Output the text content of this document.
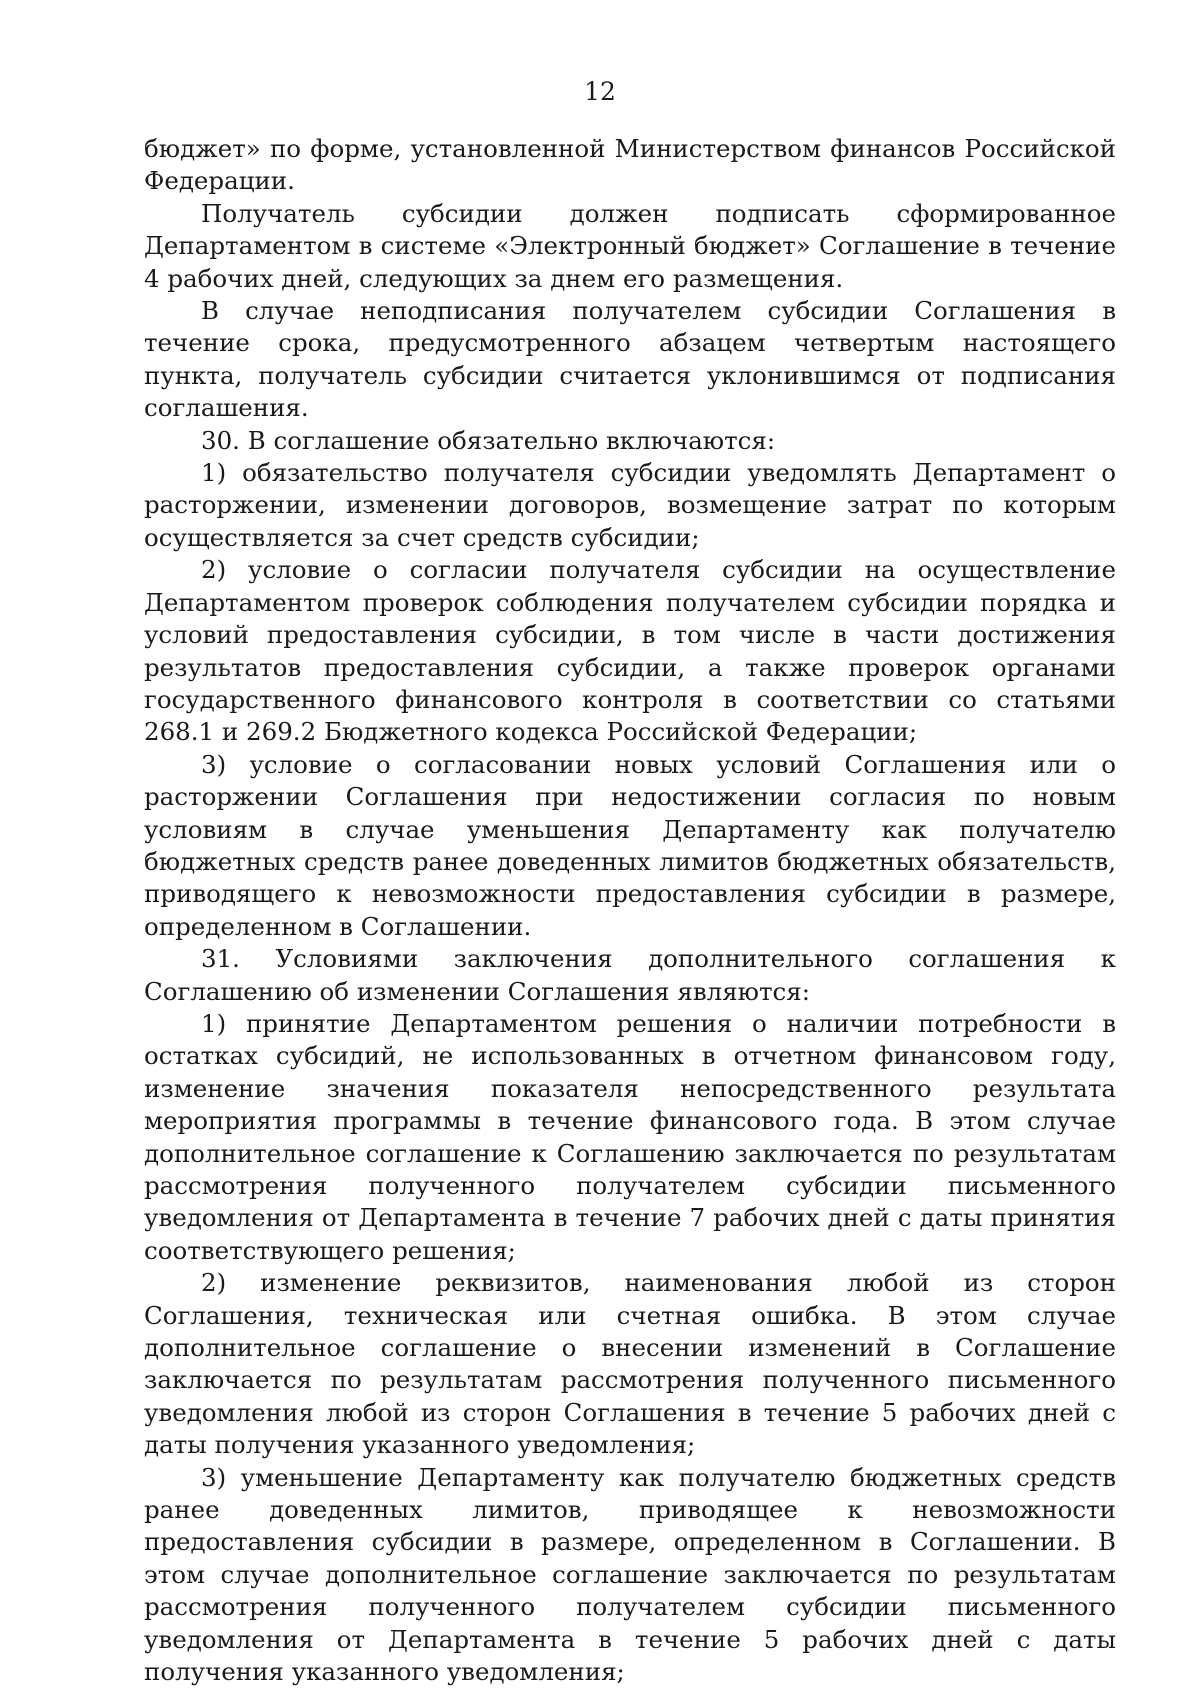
12

бюджет» по форме, установленной Министерством финансов Российской Федерации.

Получатель субсидии должен подписать сформированное Департаментом в системе «Электронный бюджет» Соглашение в течение 4 рабочих дней, следующих за днем его размещения.

В случае неподписания получателем субсидии Соглашения в течение срока, предусмотренного абзацем четвертым настоящего пункта, получатель субсидии считается уклонившимся от подписания соглашения.

30. В соглашение обязательно включаются:

1) обязательство получателя субсидии уведомлять Департамент о расторжении, изменении договоров, возмещение затрат по которым осуществляется за счет средств субсидии;

2) условие о согласии получателя субсидии на осуществление Департаментом проверок соблюдения получателем субсидии порядка и условий предоставления субсидии, в том числе в части достижения результатов предоставления субсидии, а также проверок органами государственного финансового контроля в соответствии со статьями 268.1 и 269.2 Бюджетного кодекса Российской Федерации;

3) условие о согласовании новых условий Соглашения или о расторжении Соглашения при недостижении согласия по новым условиям в случае уменьшения Департаменту как получателю бюджетных средств ранее доведенных лимитов бюджетных обязательств, приводящего к невозможности предоставления субсидии в размере, определенном в Соглашении.

31. Условиями заключения дополнительного соглашения к Соглашению об изменении Соглашения являются:

1) принятие Департаментом решения о наличии потребности в остатках субсидий, не использованных в отчетном финансовом году, изменение значения показателя непосредственного результата мероприятия программы в течение финансового года. В этом случае дополнительное соглашение к Соглашению заключается по результатам рассмотрения полученного получателем субсидии письменного уведомления от Департамента в течение 7 рабочих дней с даты принятия соответствующего решения;

2) изменение реквизитов, наименования любой из сторон Соглашения, техническая или счетная ошибка. В этом случае дополнительное соглашение о внесении изменений в Соглашение заключается по результатам рассмотрения полученного письменного уведомления любой из сторон Соглашения в течение 5 рабочих дней с даты получения указанного уведомления;

3) уменьшение Департаменту как получателю бюджетных средств ранее доведенных лимитов, приводящее к невозможности предоставления субсидии в размере, определенном в Соглашении. В этом случае дополнительное соглашение заключается по результатам рассмотрения полученного получателем субсидии письменного уведомления от Департамента в течение 5 рабочих дней с даты получения указанного уведомления;
